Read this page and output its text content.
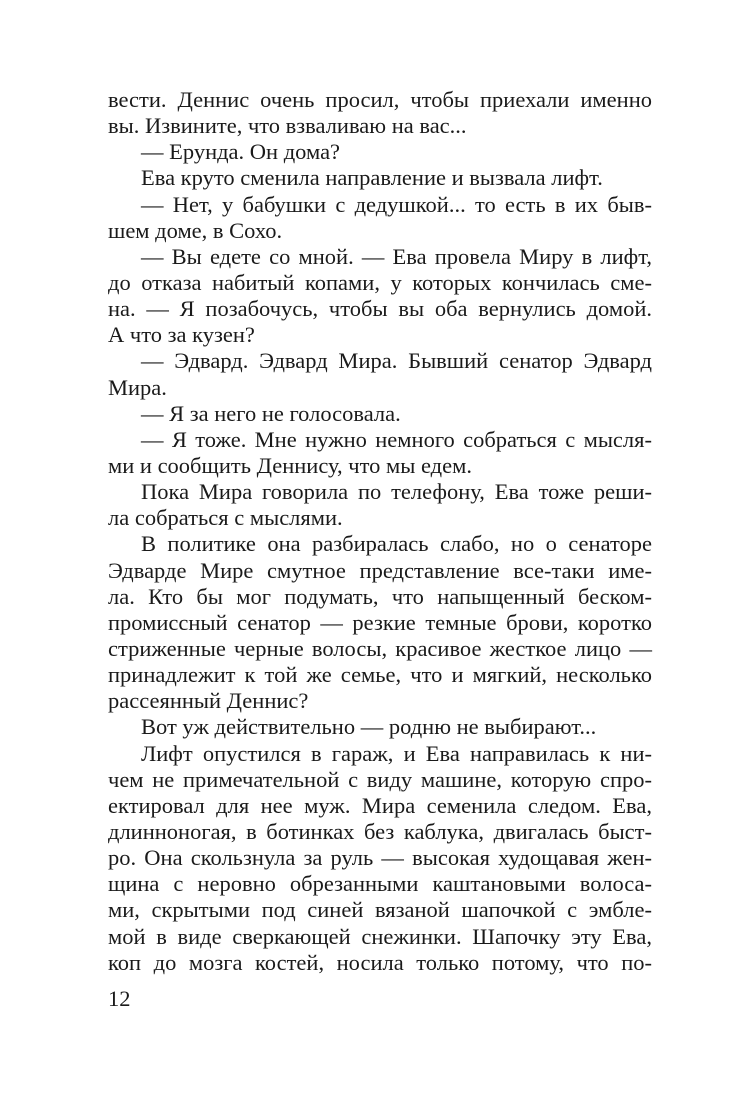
вести. Деннис очень просил, чтобы приехали именно
вы. Извините, что взваливаю на вас...
— Ерунда. Он дома?
Ева круто сменила направление и вызвала лифт.
— Нет, у бабушки с дедушкой... то есть в их быв-
шем доме, в Сохо.
— Вы едете со мной. — Ева провела Миру в лифт,
до отказа набитый копами, у которых кончилась сме-
на. — Я позабочусь, чтобы вы оба вернулись домой.
А что за кузен?
— Эдвард. Эдвард Мира. Бывший сенатор Эдвард
Мира.
— Я за него не голосовала.
— Я тоже. Мне нужно немного собраться с мысля-
ми и сообщить Деннису, что мы едем.
Пока Мира говорила по телефону, Ева тоже реши-
ла собраться с мыслями.
В политике она разбиралась слабо, но о сенаторе
Эдварде Мире смутное представление все-таки име-
ла. Кто бы мог подумать, что напыщенный беском-
промиссный сенатор — резкие темные брови, коротко
стриженные черные волосы, красивое жесткое лицо —
принадлежит к той же семье, что и мягкий, несколько
рассеянный Деннис?
Вот уж действительно — родню не выбирают...
Лифт опустился в гараж, и Ева направилась к ни-
чем не примечательной с виду машине, которую спро-
ектировал для нее муж. Мира семенила следом. Ева,
длинноногая, в ботинках без каблука, двигалась быст-
ро. Она скользнула за руль — высокая худощавая жен-
щина с неровно обрезанными каштановыми волоса-
ми, скрытыми под синей вязаной шапочкой с эмбле-
мой в виде сверкающей снежинки. Шапочку эту Ева,
коп до мозга костей, носила только потому, что по-
12
